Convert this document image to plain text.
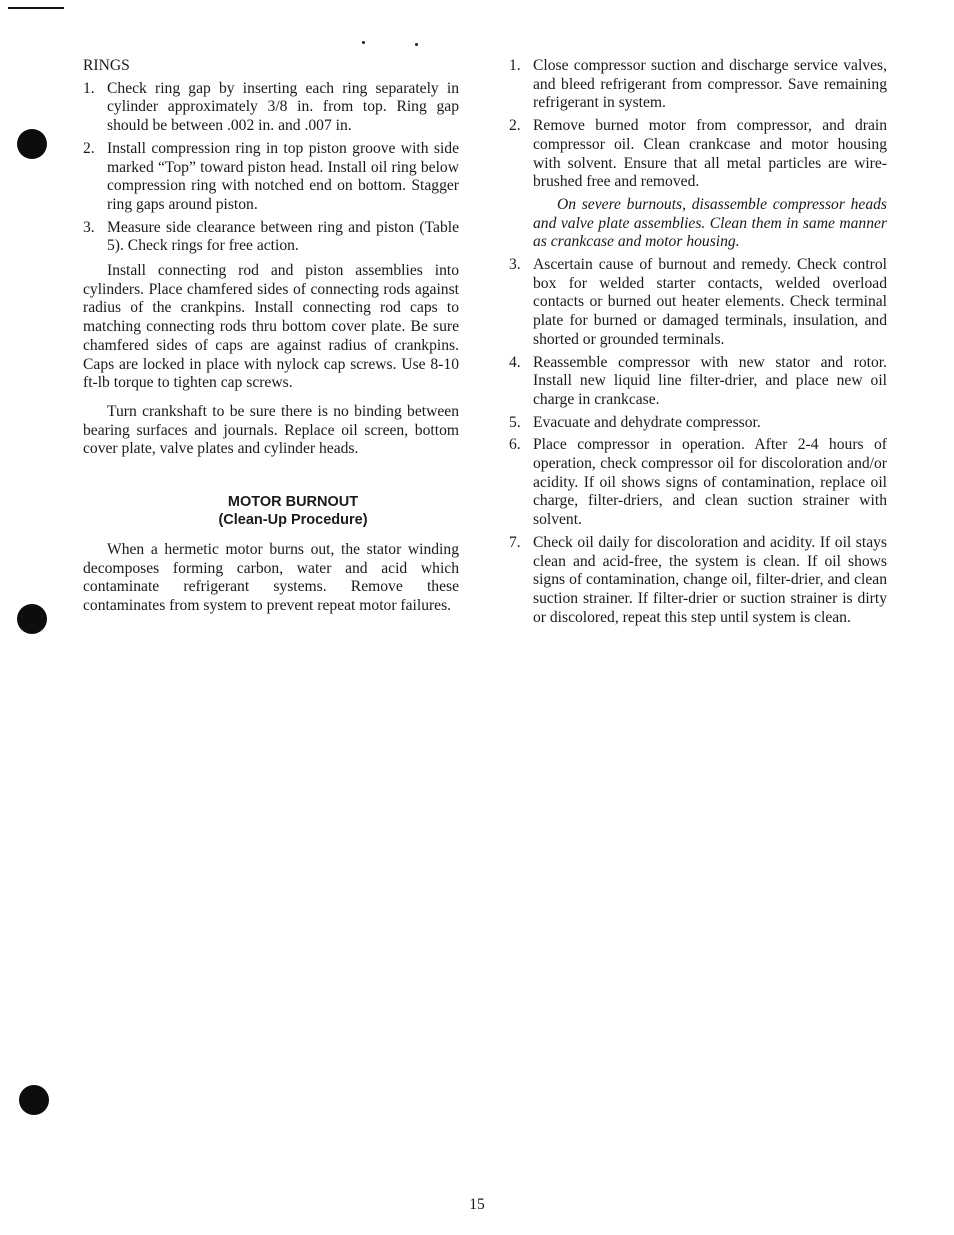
RINGS
1. Check ring gap by inserting each ring separately in cylinder approximately 3/8 in. from top. Ring gap should be between .002 in. and .007 in.
2. Install compression ring in top piston groove with side marked “Top” toward piston head. Install oil ring below compression ring with notched end on bottom. Stagger ring gaps around piston.
3. Measure side clearance between ring and piston (Table 5). Check rings for free action.

Install connecting rod and piston assemblies into cylinders. Place chamfered sides of connecting rods against radius of the crankpins. Install connecting rod caps to matching connecting rods thru bottom cover plate. Be sure chamfered sides of caps are against radius of crankpins. Caps are locked in place with nylock cap screws. Use 8-10 ft-lb torque to tighten cap screws.

Turn crankshaft to be sure there is no binding between bearing surfaces and journals. Replace oil screen, bottom cover plate, valve plates and cylinder heads.

MOTOR BURNOUT
(Clean-Up Procedure)

When a hermetic motor burns out, the stator winding decomposes forming carbon, water and acid which contaminate refrigerant systems. Remove these contaminates from system to prevent repeat motor failures.

1. Close compressor suction and discharge service valves, and bleed refrigerant from compressor. Save remaining refrigerant in system.
2. Remove burned motor from compressor, and drain compressor oil. Clean crankcase and motor housing with solvent. Ensure that all metal particles are wire-brushed free and removed.

On severe burnouts, disassemble compressor heads and valve plate assemblies. Clean them in same manner as crankcase and motor housing.

3. Ascertain cause of burnout and remedy. Check control box for welded starter contacts, welded overload contacts or burned out heater elements. Check terminal plate for burned or damaged terminals, insulation, and shorted or grounded terminals.
4. Reassemble compressor with new stator and rotor. Install new liquid line filter-drier, and place new oil charge in crankcase.
5. Evacuate and dehydrate compressor.
6. Place compressor in operation. After 2-4 hours of operation, check compressor oil for discoloration and/or acidity. If oil shows signs of contamination, replace oil charge, filter-driers, and clean suction strainer with solvent.
7. Check oil daily for discoloration and acidity. If oil stays clean and acid-free, the system is clean. If oil shows signs of contamination, change oil, filter-drier, and clean suction strainer. If filter-drier or suction strainer is dirty or discolored, repeat this step until system is clean.
15
